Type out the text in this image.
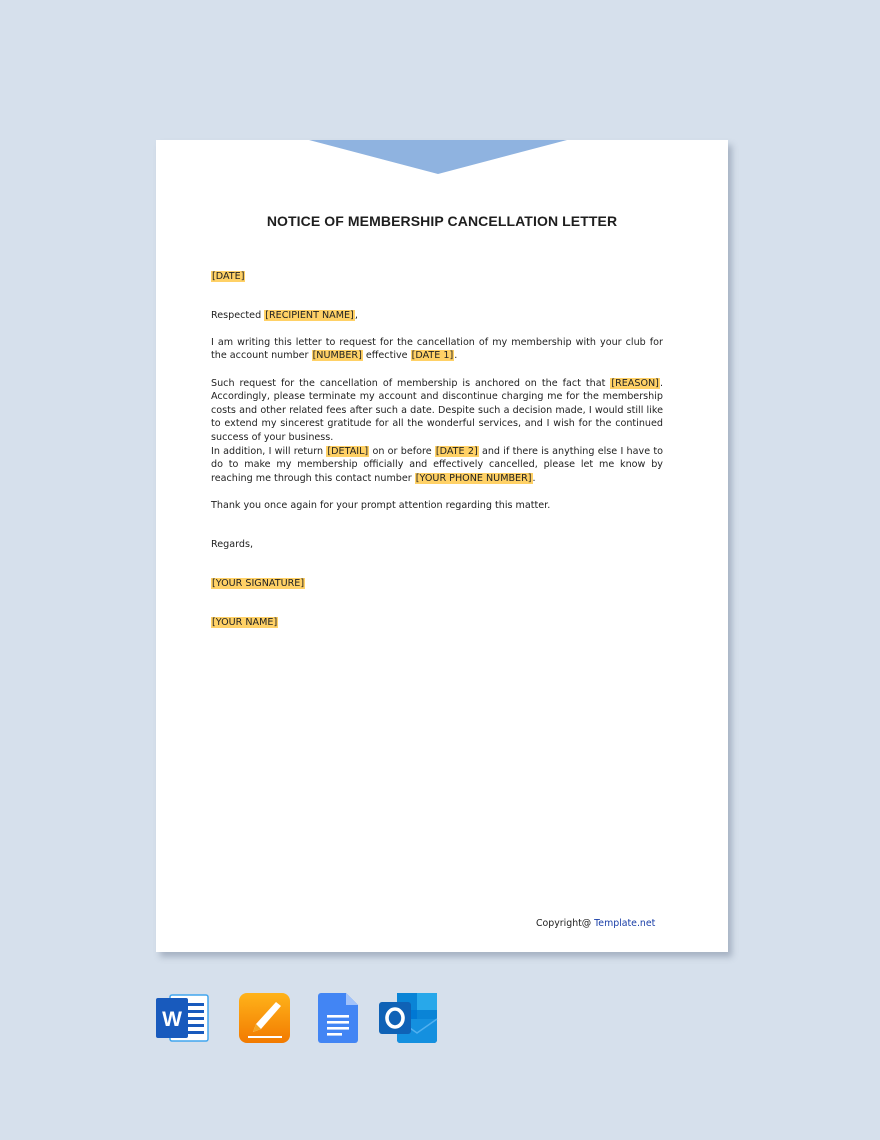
NOTICE OF MEMBERSHIP CANCELLATION LETTER
[DATE]
Respected [RECIPIENT NAME],
I am writing this letter to request for the cancellation of my membership with your club for the account number [NUMBER] effective [DATE 1].
Such request for the cancellation of membership is anchored on the fact that [REASON]. Accordingly, please terminate my account and discontinue charging me for the membership costs and other related fees after such a date. Despite such a decision made, I would still like to extend my sincerest gratitude for all the wonderful services, and I wish for the continued success of your business.
In addition, I will return [DETAIL] on or before [DATE 2] and if there is anything else I have to do to make my membership officially and effectively cancelled, please let me know by reaching me through this contact number [YOUR PHONE NUMBER].
Thank you once again for your prompt attention regarding this matter.
Regards,
[YOUR SIGNATURE]
[YOUR NAME]
Copyright@ Template.net
W
